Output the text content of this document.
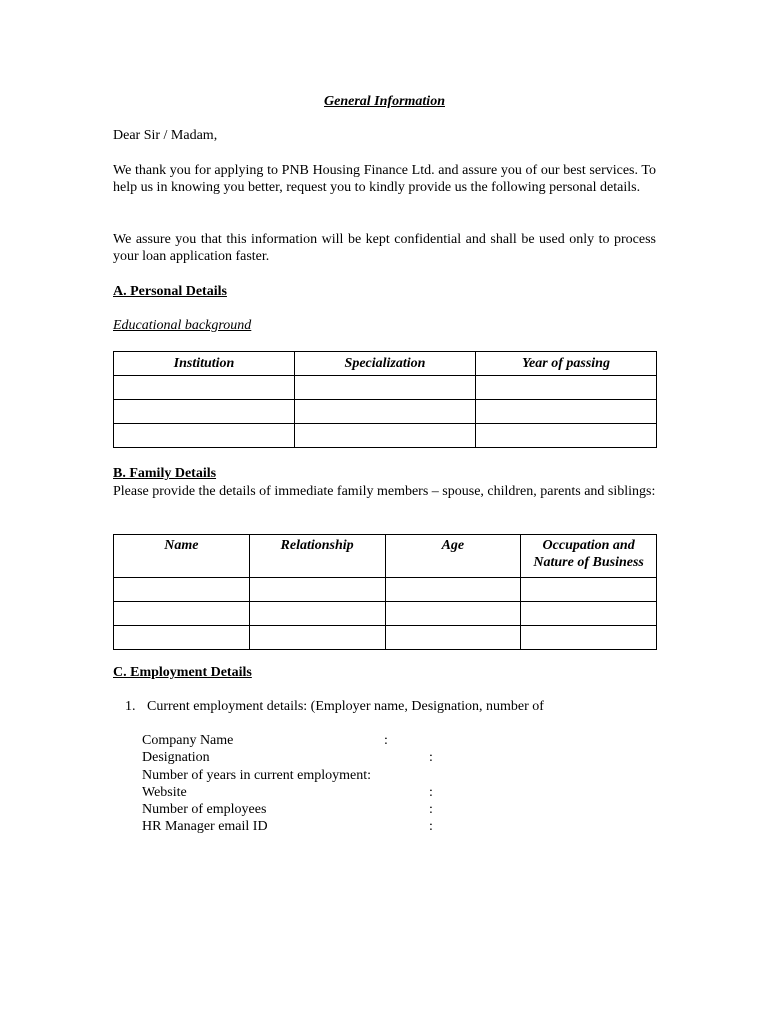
General Information
Dear Sir / Madam,
We thank you for applying to PNB Housing Finance Ltd. and assure you of our best services. To help us in knowing you better, request you to kindly provide us the following personal details.
We assure you that this information will be kept confidential and shall be used only to process your loan application faster.
A. Personal Details
Educational background
Institution	Specialization	Year of passing

B. Family Details
Please provide the details of immediate family members – spouse, children, parents and siblings:
Name	Relationship	Age	Occupation and Nature of Business

C. Employment Details
1. Current employment details: (Employer name, Designation, number of
Company Name	:
Designation	:
Number of years in current employment:
Website	:
Number of employees	:
HR Manager email ID	:
